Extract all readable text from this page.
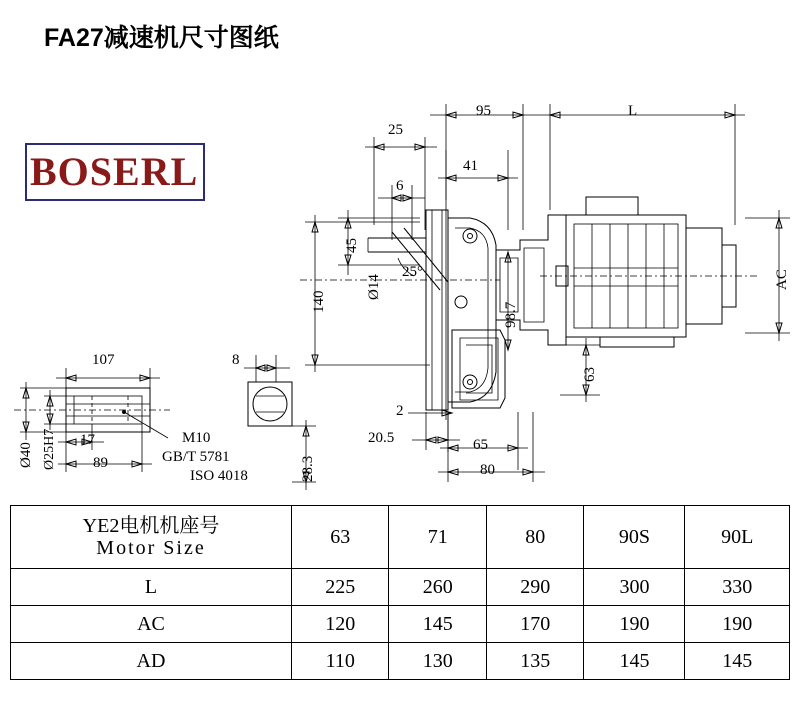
FA27减速机尺寸图纸
BOSERL
95	L
25
41
6
45
140
Ø14
25°
98.7
AC
63
2
20.5	65
80
107	8
17
89
Ø40 Ø25H7	28.3
M10
GB/T 5781
ISO 4018
YE2电机机座号
Motor Size	63	71	80	90S	90L
L	225	260	290	300	330
AC	120	145	170	190	190
AD	110	130	135	145	145
